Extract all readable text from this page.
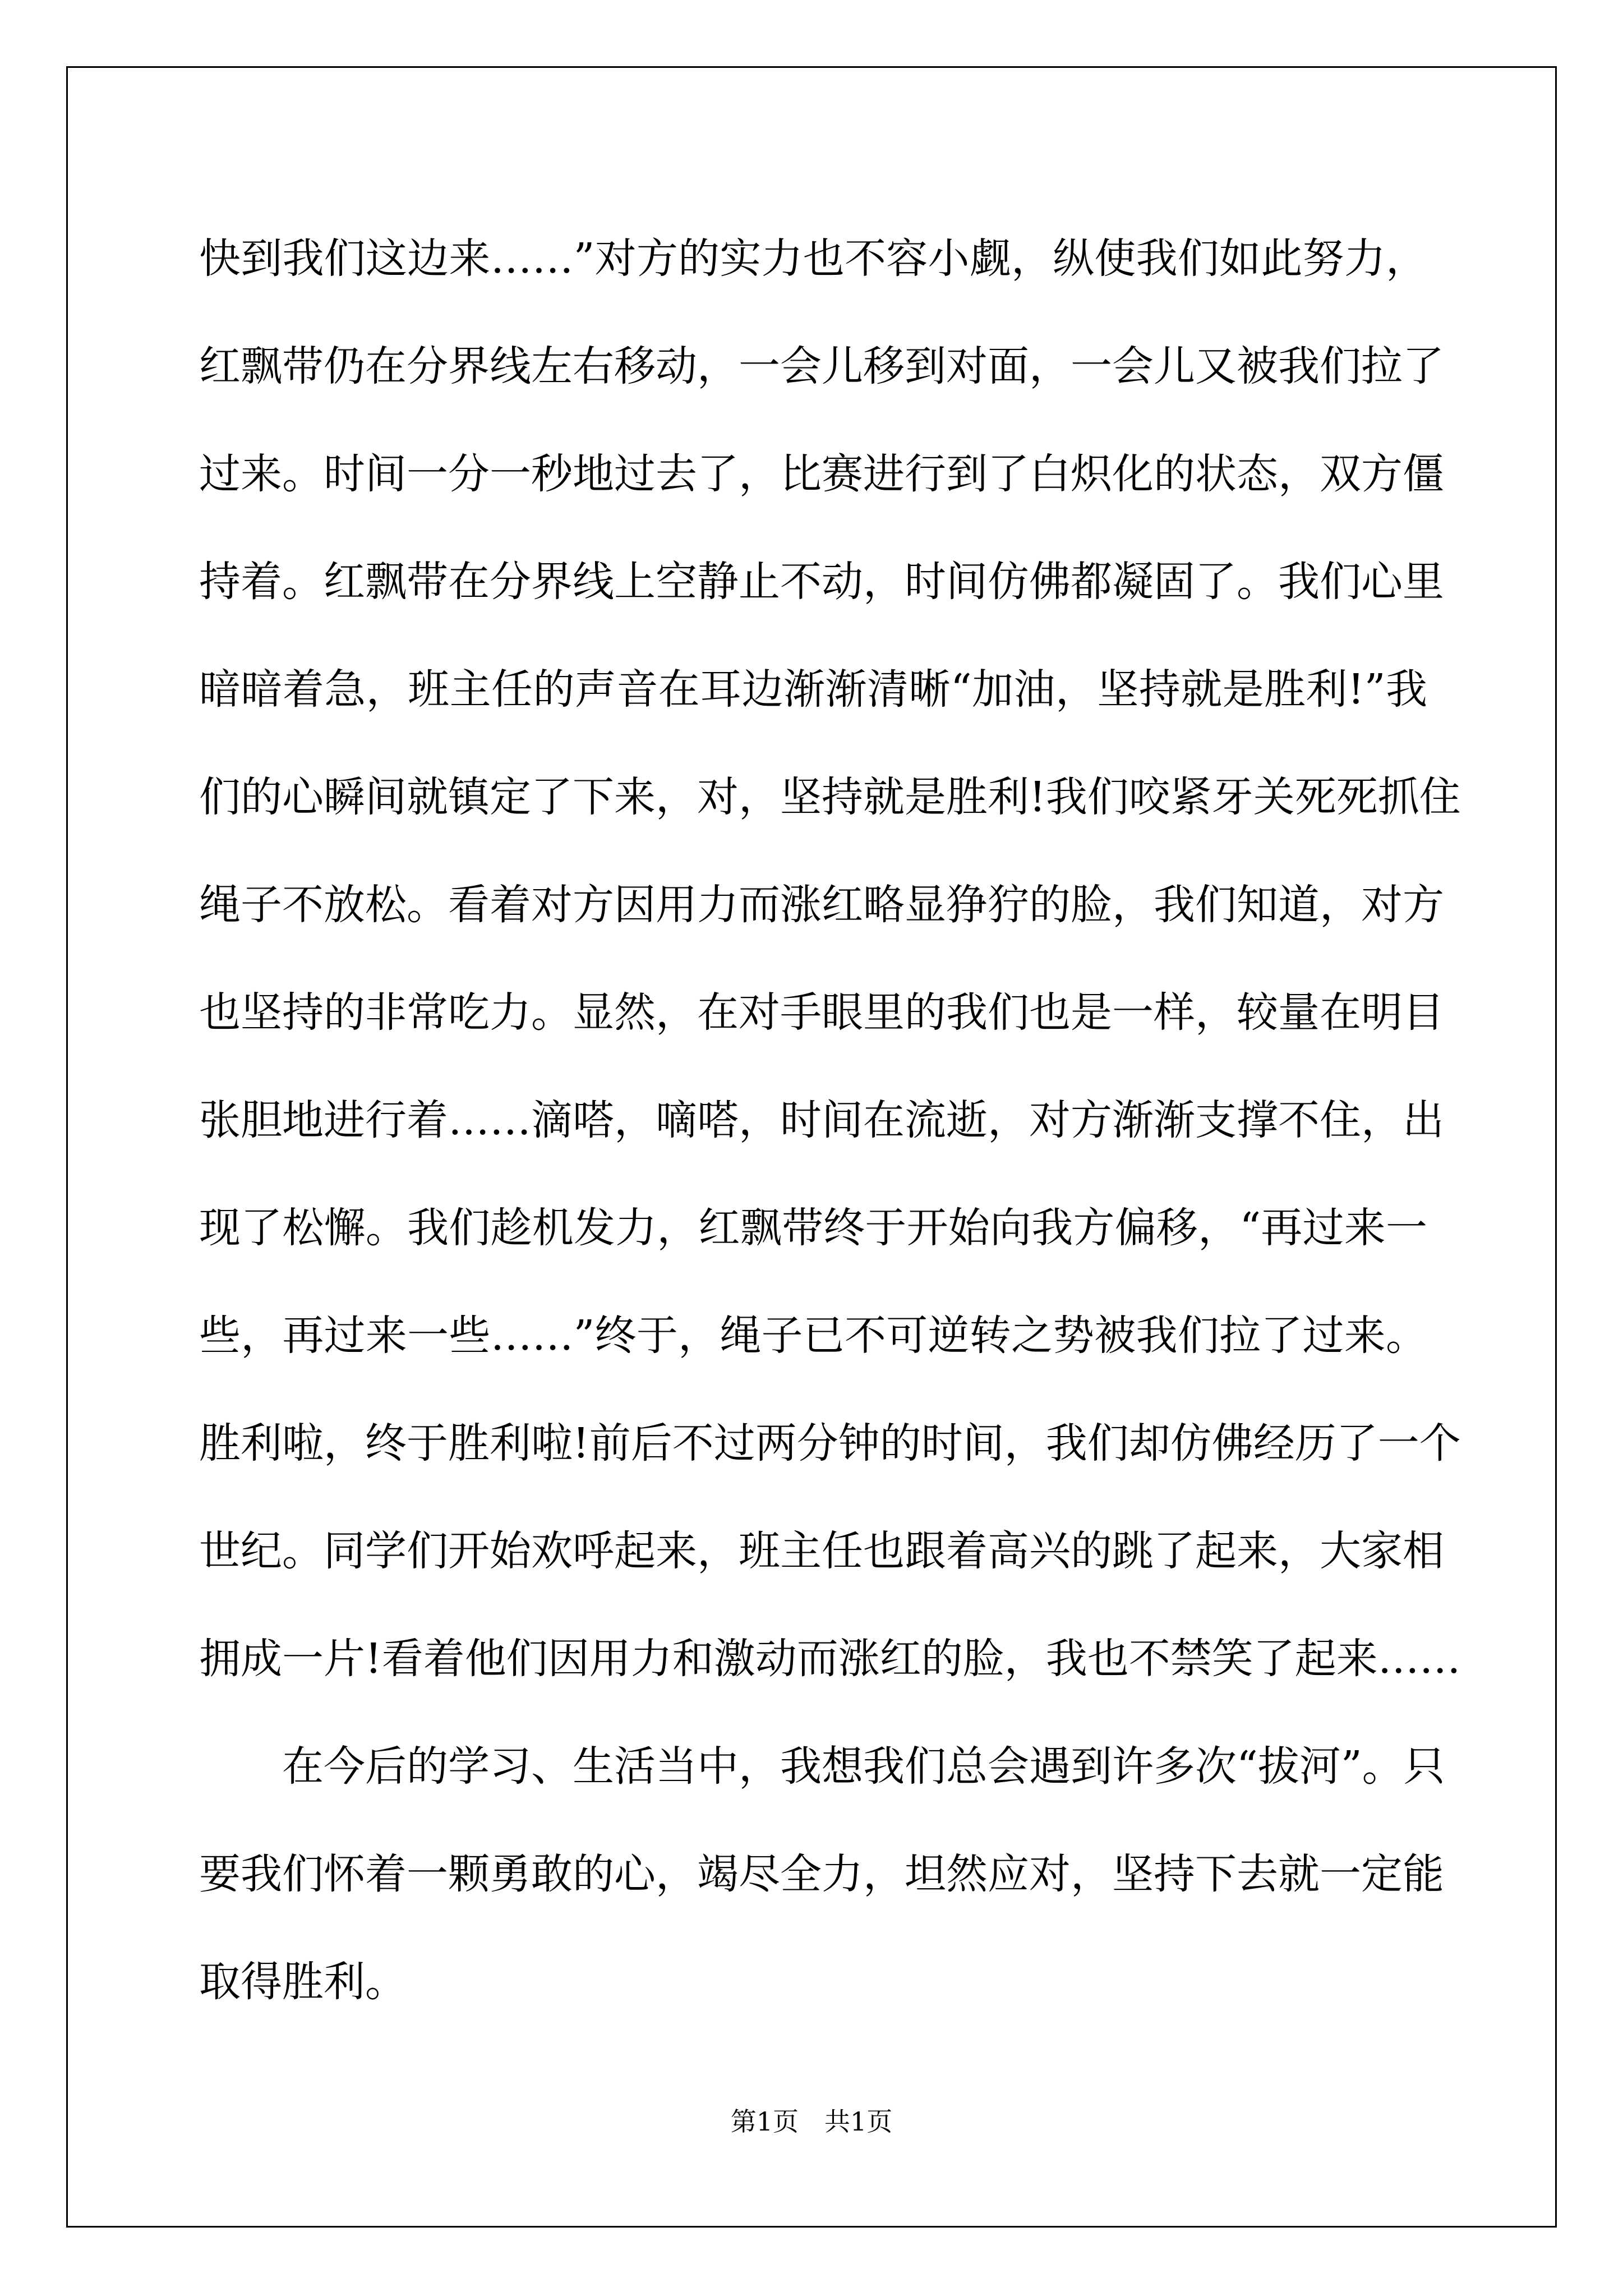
快到我们这边来……”对方的实力也不容小觑，纵使我们如此努力，
红飘带仍在分界线左右移动，一会儿移到对面，一会儿又被我们拉了
过来。时间一分一秒地过去了，比赛进行到了白炽化的状态，双方僵
持着。红飘带在分界线上空静止不动，时间仿佛都凝固了。我们心里
暗暗着急，班主任的声音在耳边渐渐清晰“加油，坚持就是胜利!”我
们的心瞬间就镇定了下来，对，坚持就是胜利!我们咬紧牙关死死抓住
绳子不放松。看着对方因用力而涨红略显狰狞的脸，我们知道，对方
也坚持的非常吃力。显然，在对手眼里的我们也是一样，较量在明目
张胆地进行着……滴嗒，嘀嗒，时间在流逝，对方渐渐支撑不住，出
现了松懈。我们趁机发力，红飘带终于开始向我方偏移，“再过来一
些，再过来一些……”终于，绳子已不可逆转之势被我们拉了过来。
胜利啦，终于胜利啦!前后不过两分钟的时间，我们却仿佛经历了一个
世纪。同学们开始欢呼起来，班主任也跟着高兴的跳了起来，大家相
拥成一片!看着他们因用力和激动而涨红的脸，我也不禁笑了起来……
　　在今后的学习、生活当中，我想我们总会遇到许多次“拔河”。只
要我们怀着一颗勇敢的心，竭尽全力，坦然应对，坚持下去就一定能
取得胜利。
第1页　共1页
